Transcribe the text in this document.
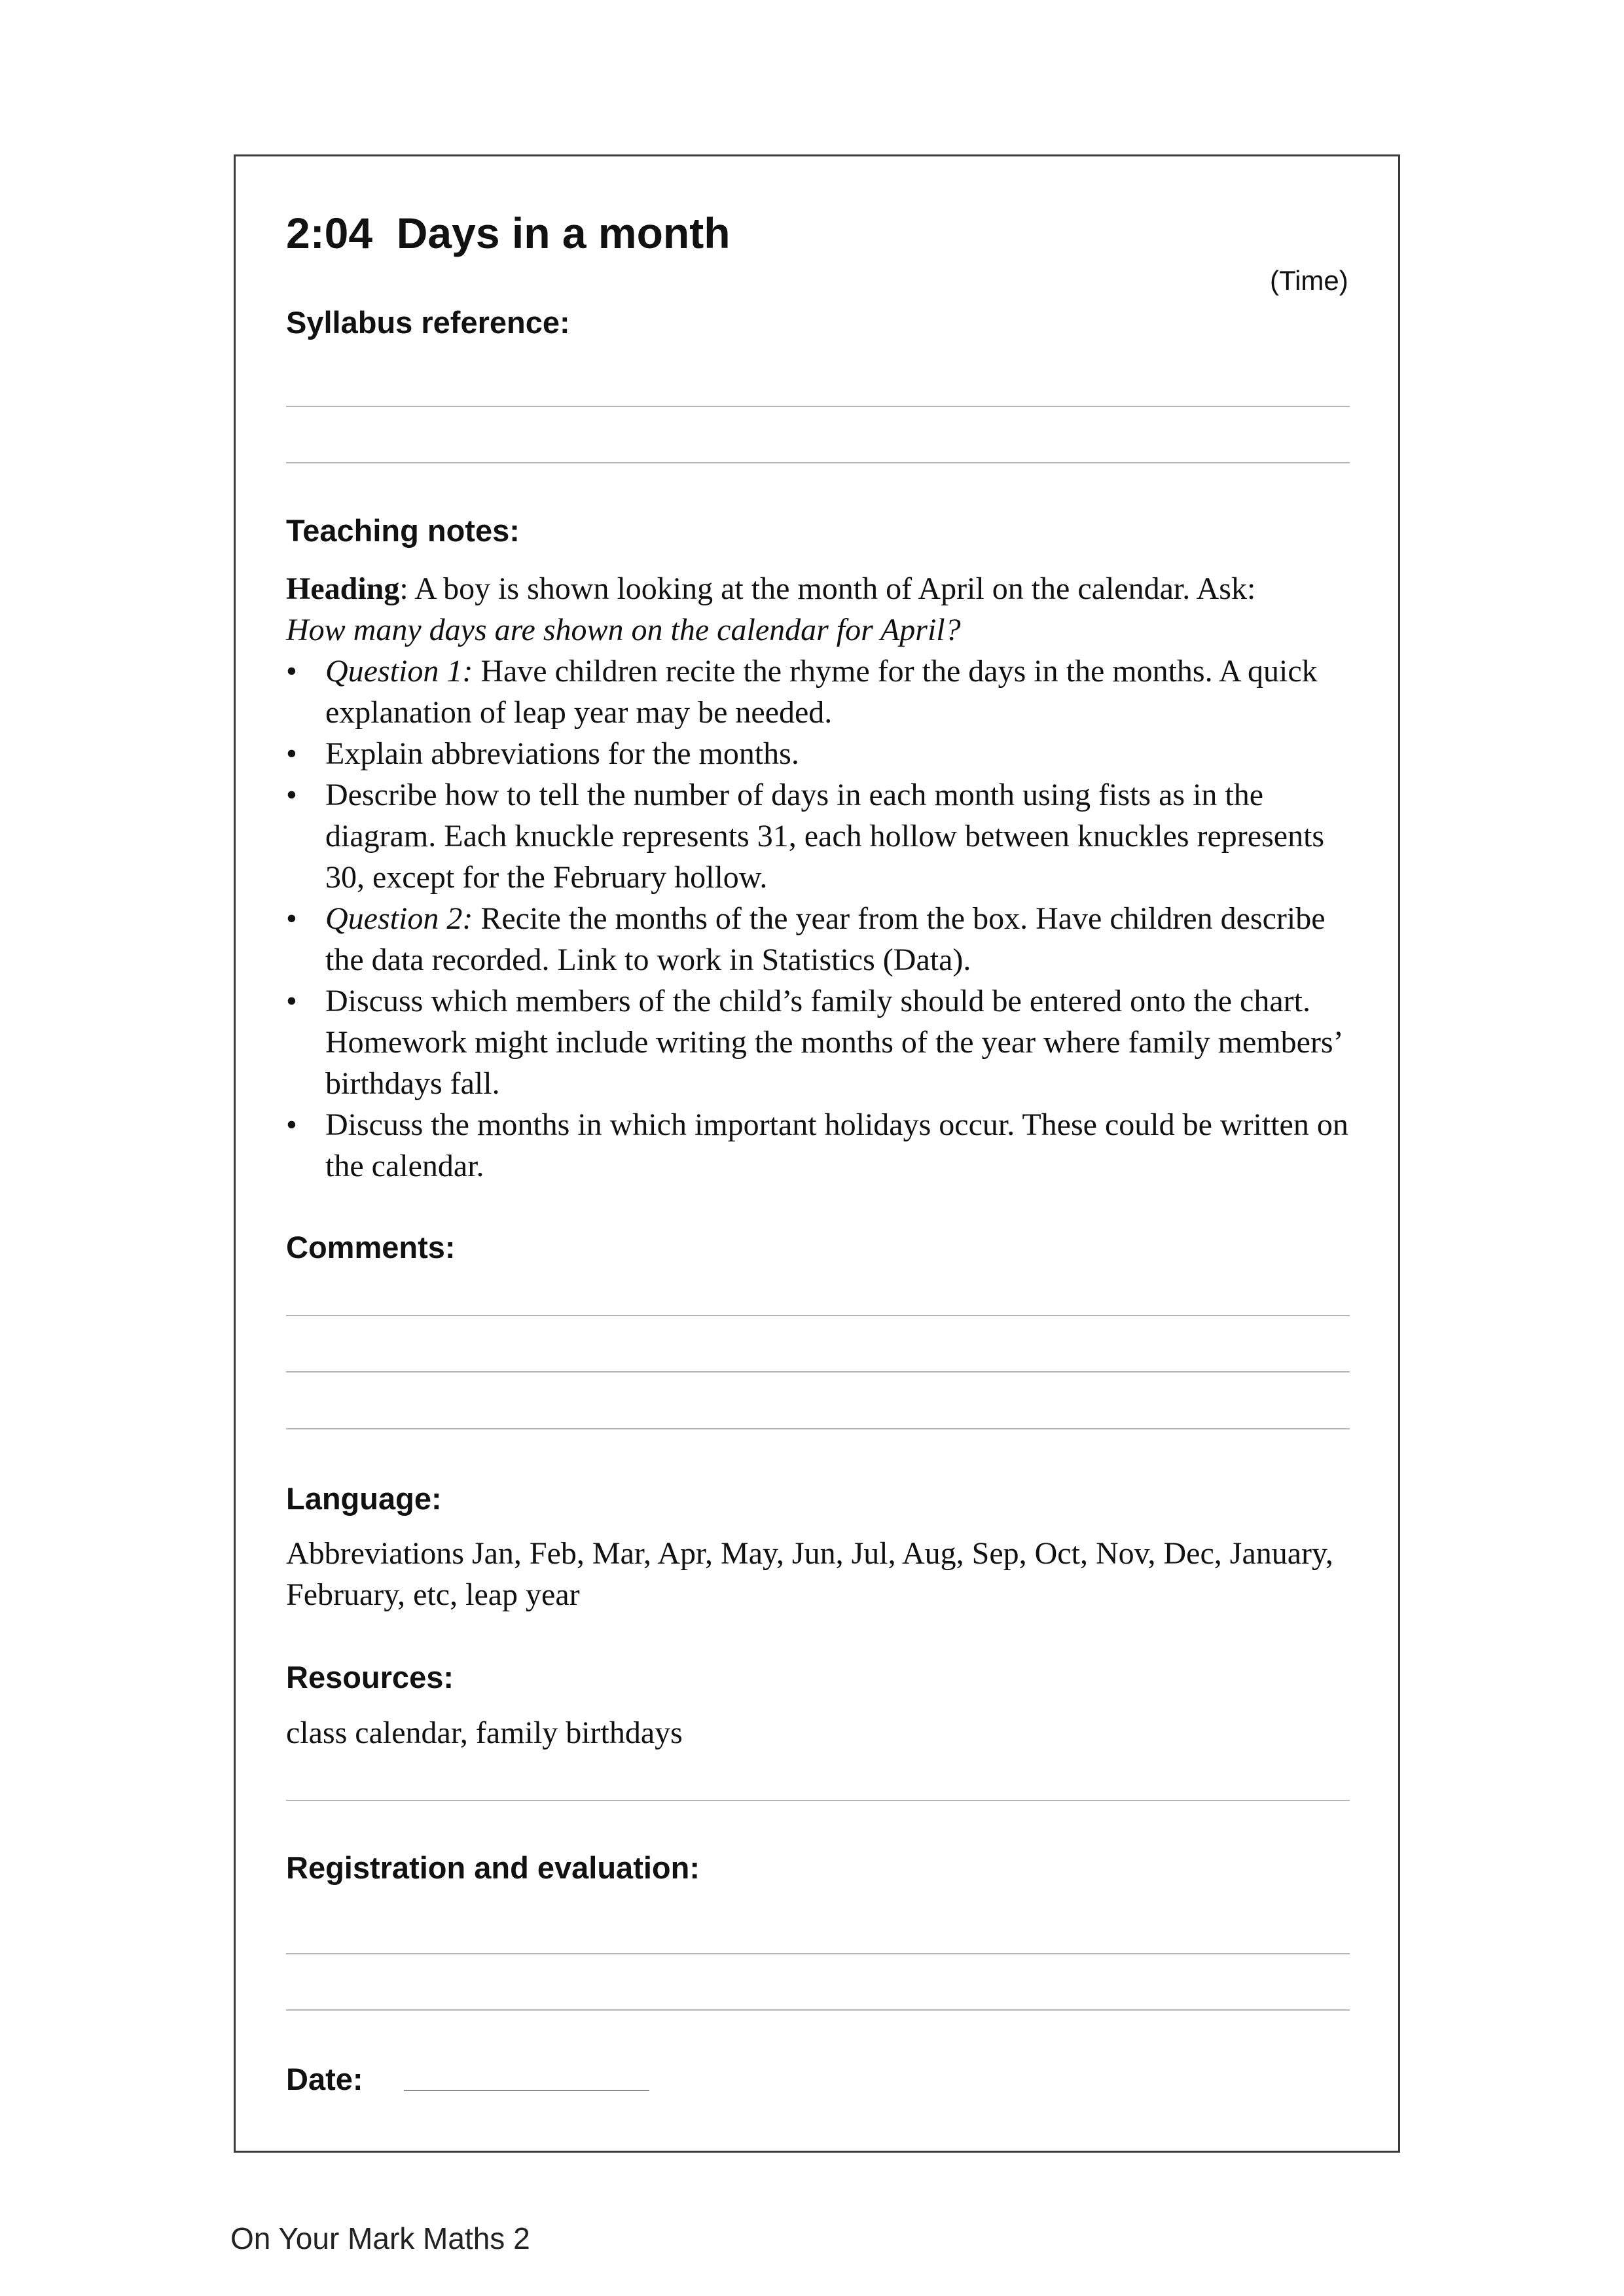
2:04  Days in a month
(Time)
Syllabus reference:
Teaching notes:

Heading: A boy is shown looking at the month of April on the calendar. Ask:

How many days are shown on the calendar for April?

• Question 1: Have children recite the rhyme for the days in the months. A quick explanation of leap year may be needed.
• Explain abbreviations for the months.
• Describe how to tell the number of days in each month using fists as in the diagram. Each knuckle represents 31, each hollow between knuckles represents 30, except for the February hollow.
• Question 2: Recite the months of the year from the box. Have children describe the data recorded. Link to work in Statistics (Data).
• Discuss which members of the child’s family should be entered onto the chart. Homework might include writing the months of the year where family members’ birthdays fall.
• Discuss the months in which important holidays occur. These could be written on the calendar.
Comments:
Language:
Abbreviations Jan, Feb, Mar, Apr, May, Jun, Jul, Aug, Sep, Oct, Nov, Dec, January, February, etc, leap year
Resources:
class calendar, family birthdays
Registration and evaluation:
Date:
On Your Mark Maths 2
